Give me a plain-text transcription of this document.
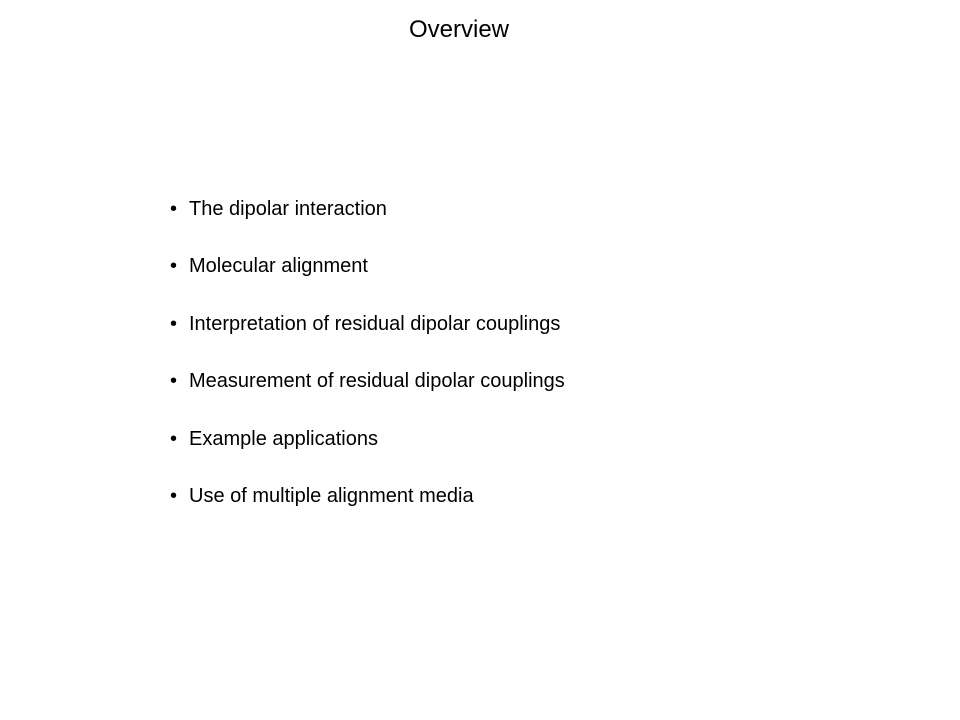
Overview
• The dipolar interaction
• Molecular alignment
• Interpretation of residual dipolar couplings
• Measurement of residual dipolar couplings
• Example applications
• Use of multiple alignment media
